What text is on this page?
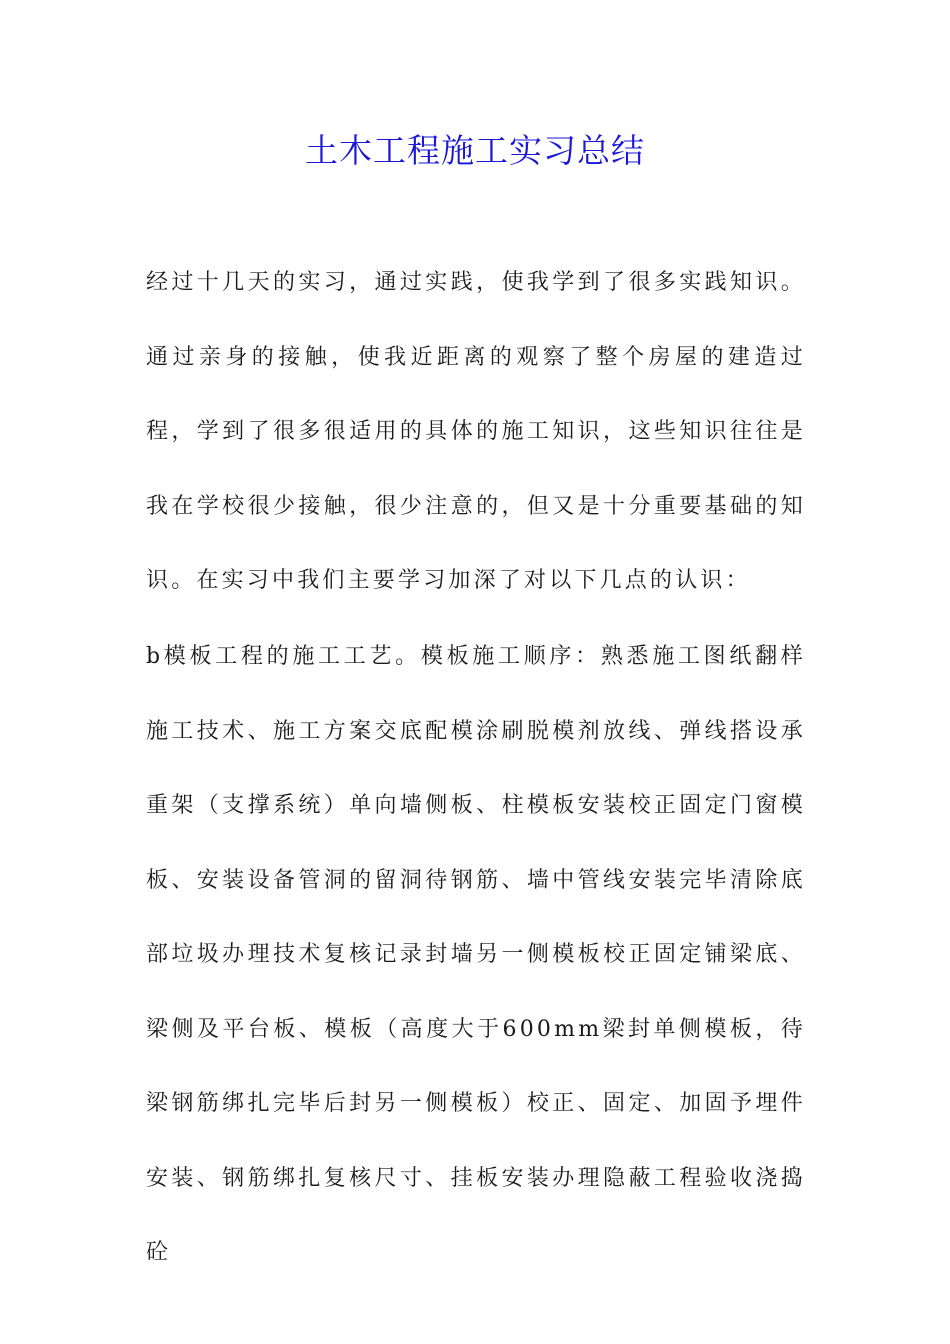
土木工程施工实习总结

经过十几天的实习，通过实践，使我学到了很多实践知识。通过亲身的接触，使我近距离的观察了整个房屋的建造过程，学到了很多很适用的具体的施工知识，这些知识往往是我在学校很少接触，很少注意的，但又是十分重要基础的知识。在实习中我们主要学习加深了对以下几点的认识：

b模板工程的施工工艺。模板施工顺序：熟悉施工图纸翻样施工技术、施工方案交底配模涂刷脱模剂放线、弹线搭设承重架（支撑系统）单向墙侧板、柱模板安装校正固定门窗模板、安装设备管洞的留洞待钢筋、墙中管线安装完毕清除底部垃圾办理技术复核记录封墙另一侧模板校正固定铺梁底、梁侧及平台板、模板（高度大于600mm梁封单侧模板，待梁钢筋绑扎完毕后封另一侧模板）校正、固定、加固予埋件安装、钢筋绑扎复核尺寸、挂板安装办理隐蔽工程验收浇捣砼
